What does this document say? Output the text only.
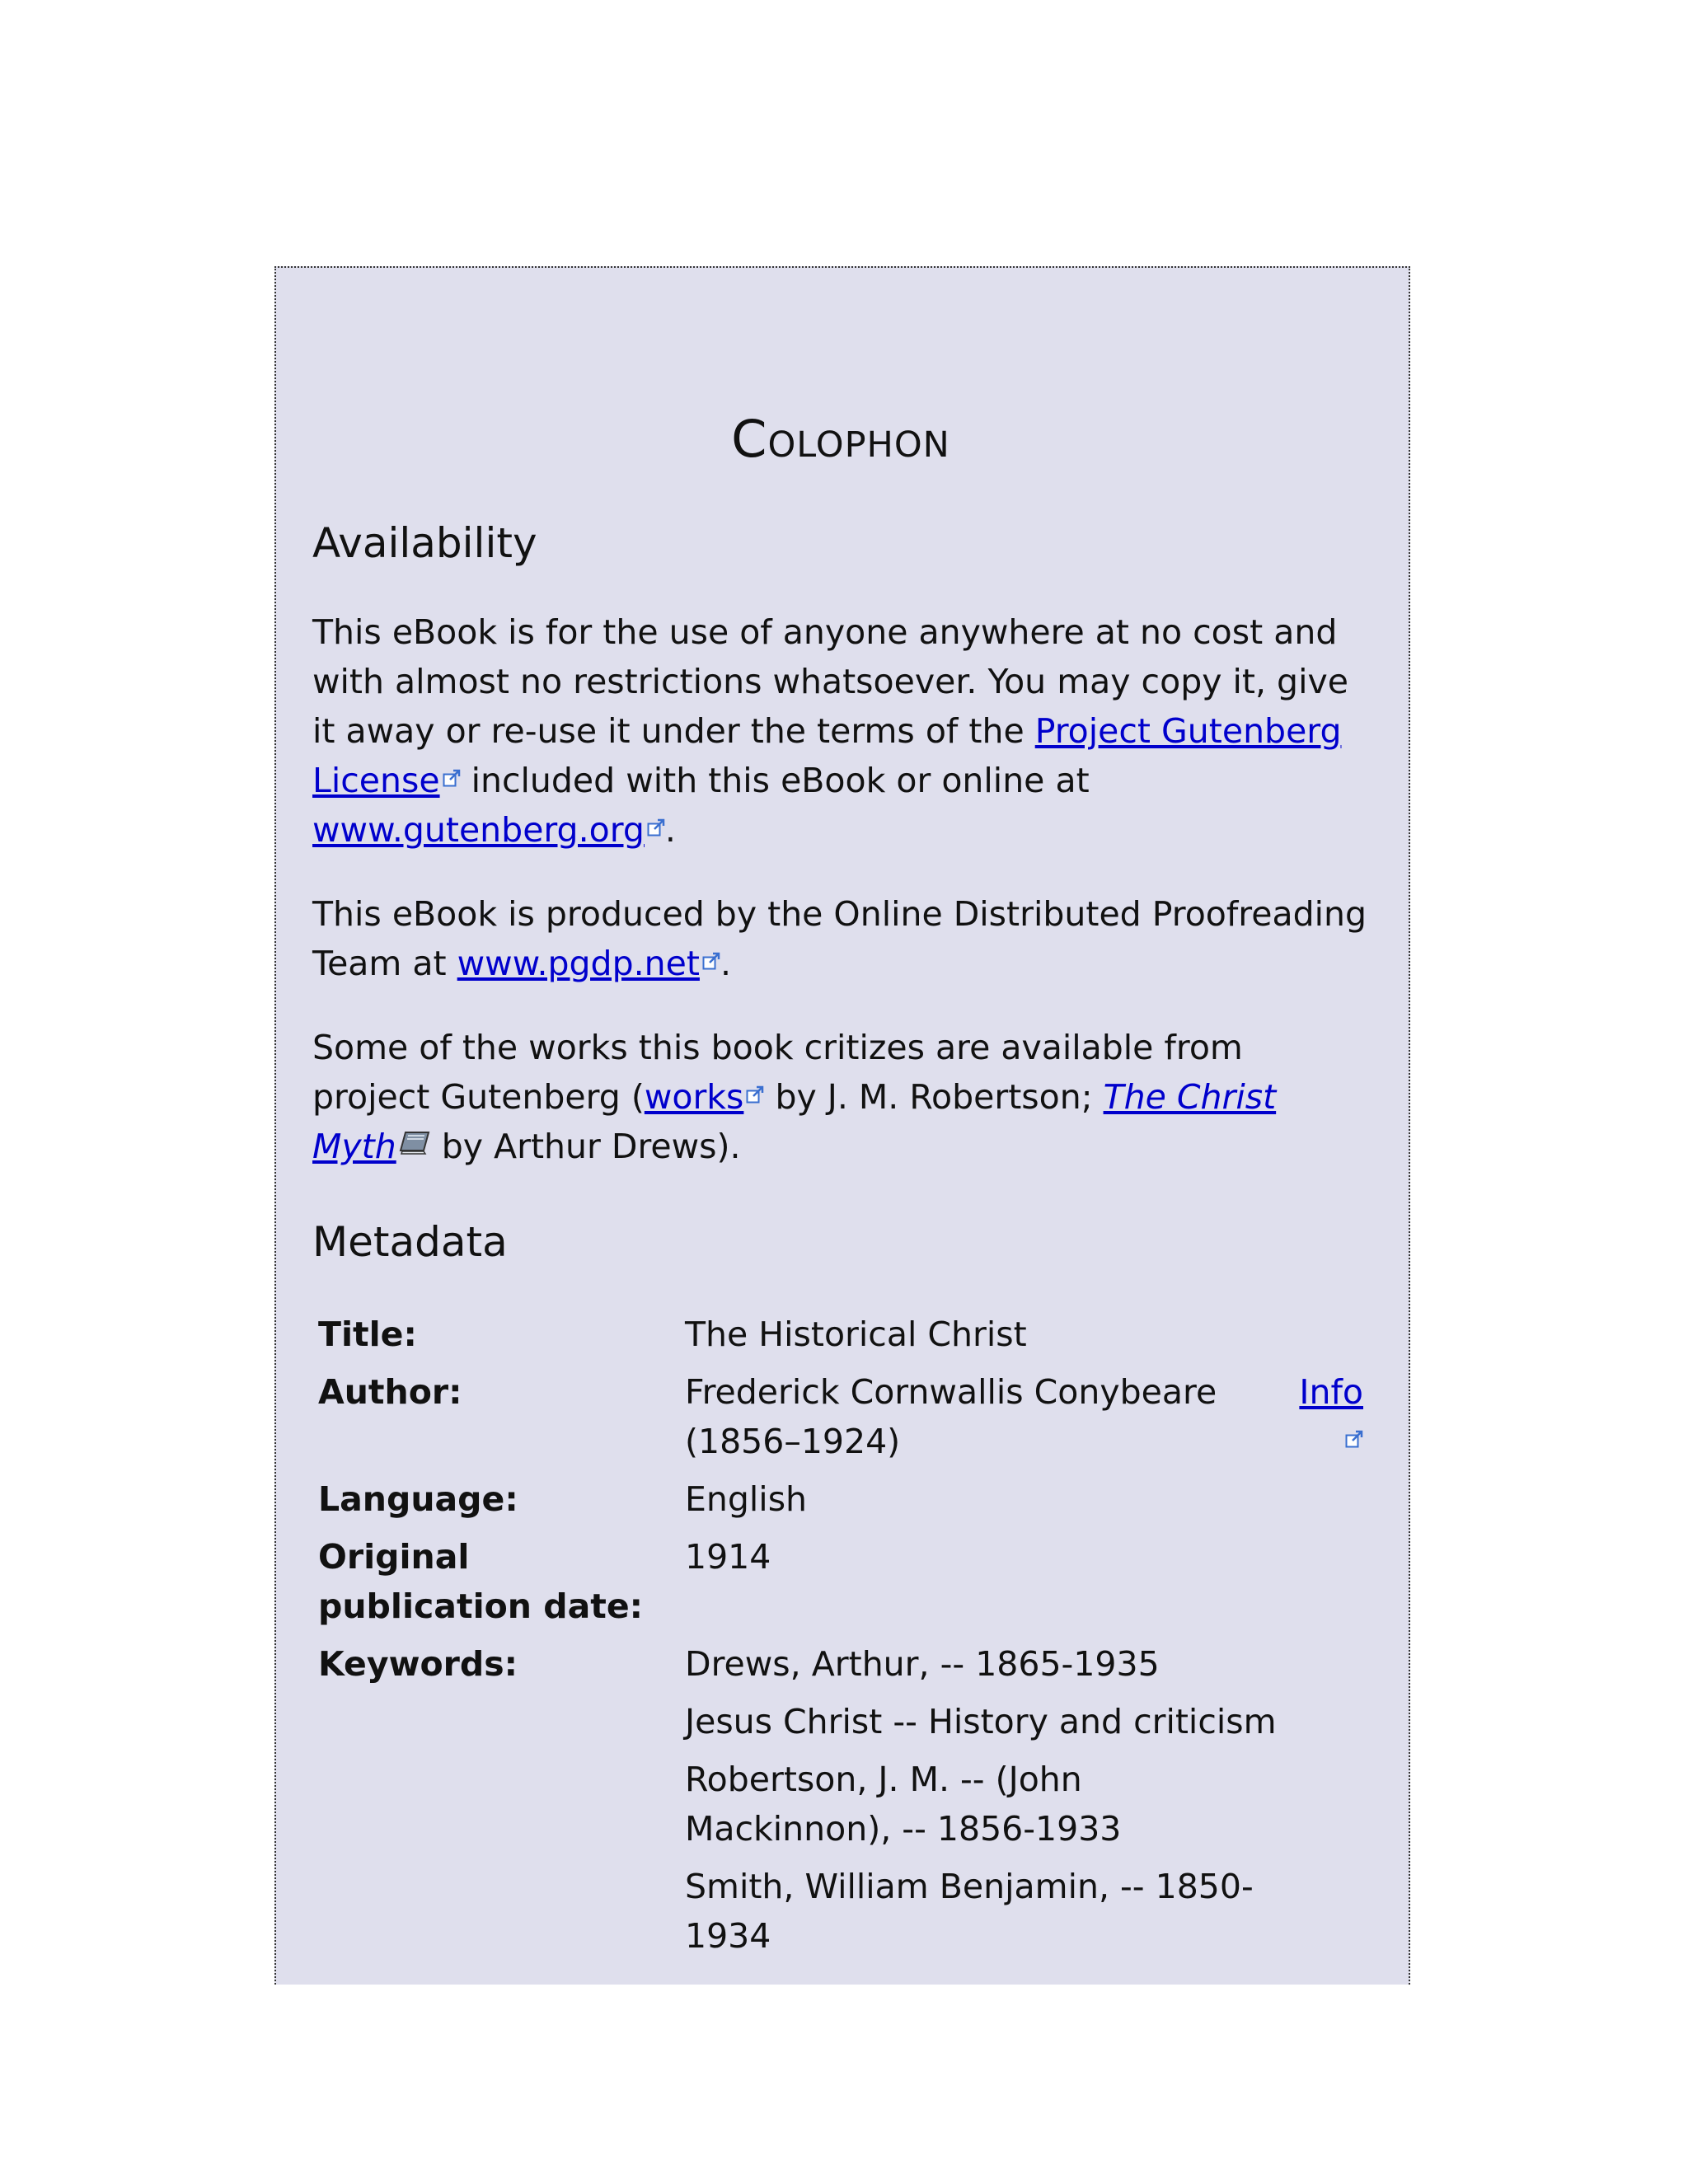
Colophon
Availability

This eBook is for the use of anyone anywhere at no cost and with almost no restrictions whatsoever. You may copy it, give it away or re-use it under the terms of the Project Gutenberg License included with this eBook or online at www.gutenberg.org .

This eBook is produced by the Online Distributed Proofreading Team at www.pgdp.net .

Some of the works this book critizes are available from project Gutenberg (works by J. M. Robertson; The Christ Myth by Arthur Drews).

Metadata
Title:	The Historical Christ	
Author:	Frederick Cornwallis Conybeare (1856–1924)	Info
Language:	English	
Original publication date:	1914	
Keywords:	Drews, Arthur, -- 1865-1935	
	Jesus Christ -- History and criticism	
	Robertson, J. M. -- (John Mackinnon), -- 1856-1933	
	Smith, William Benjamin, -- 1850-1934	
